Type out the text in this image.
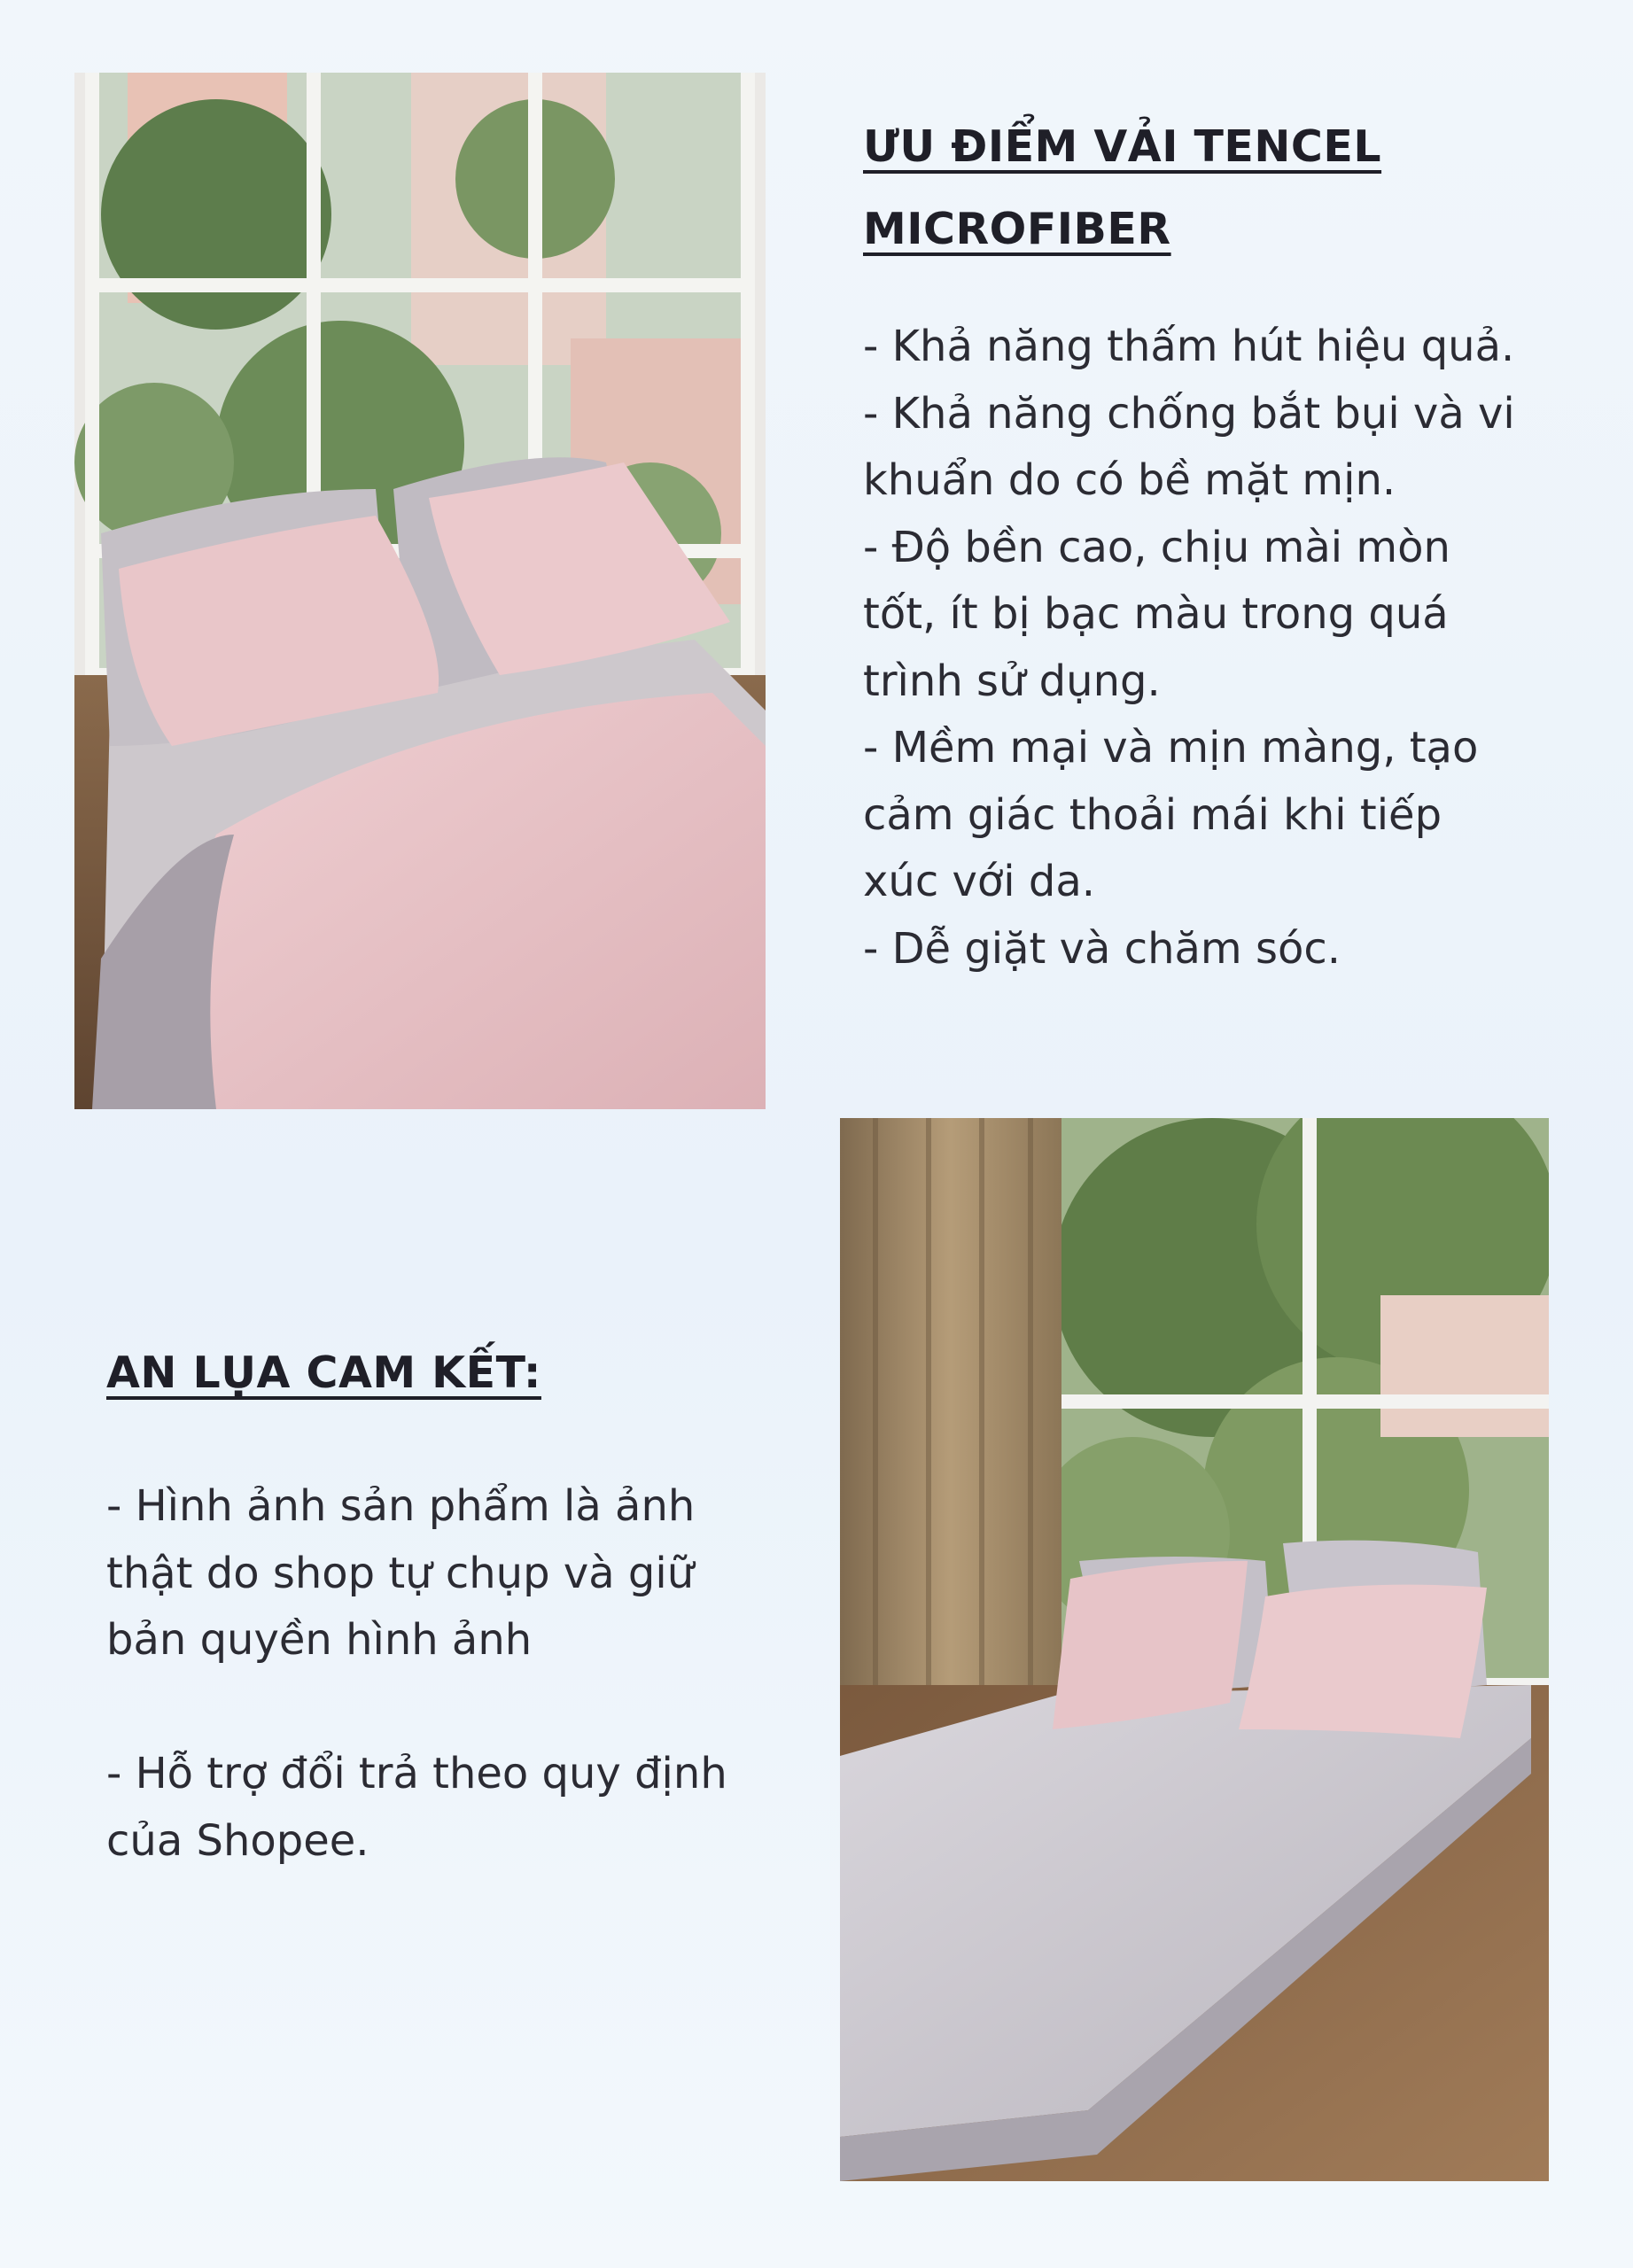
ƯU ĐIỂM VẢI TENCEL
MICROFIBER
- Khả năng thấm hút hiệu quả.
- Khả năng chống bắt bụi và vi
khuẩn do có bề mặt mịn.
- Độ bền cao, chịu mài mòn
tốt, ít bị bạc màu trong quá
trình sử dụng.
- Mềm mại và mịn màng, tạo
cảm giác thoải mái khi tiếp
xúc với da.
- Dễ giặt và chăm sóc.
AN LỤA CAM KẾT:
- Hình ảnh sản phẩm là ảnh
thật do shop tự chụp và giữ
bản quyền hình ảnh
- Hỗ trợ đổi trả theo quy định
của Shopee.
